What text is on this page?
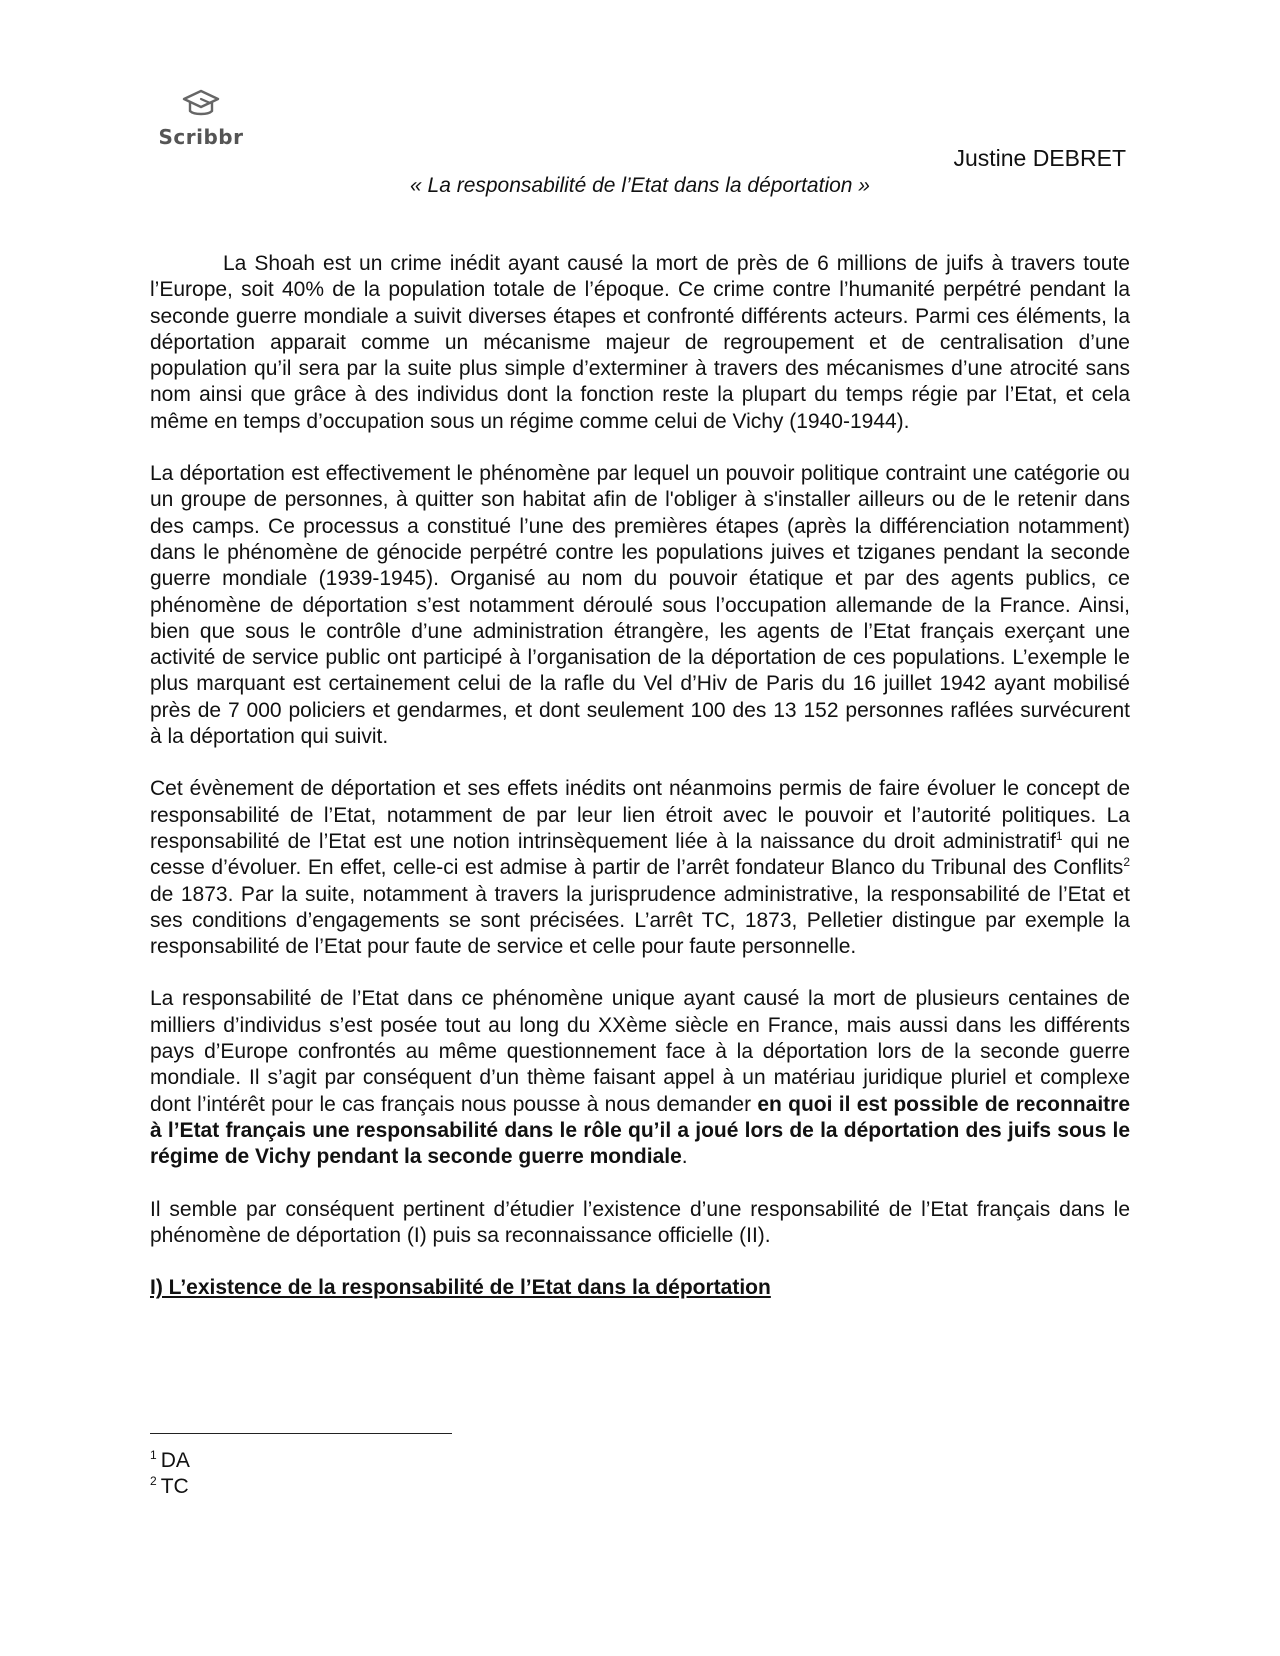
Scribbr
Justine DEBRET
« La responsabilité de l’Etat dans la déportation »

La Shoah est un crime inédit ayant causé la mort de près de 6 millions de juifs à travers toute l’Europe, soit 40% de la population totale de l’époque. Ce crime contre l’humanité perpétré pendant la seconde guerre mondiale a suivit diverses étapes et confronté différents acteurs. Parmi ces éléments, la déportation apparait comme un mécanisme majeur de regroupement et de centralisation d’une population qu’il sera par la suite plus simple d’exterminer à travers des mécanismes d’une atrocité sans nom ainsi que grâce à des individus dont la fonction reste la plupart du temps régie par l’Etat, et cela même en temps d’occupation sous un régime comme celui de Vichy (1940-1944).

La déportation est effectivement le phénomène par lequel un pouvoir politique contraint une catégorie ou un groupe de personnes, à quitter son habitat afin de l'obliger à s'installer ailleurs ou de le retenir dans des camps. Ce processus a constitué l’une des premières étapes (après la différenciation notamment) dans le phénomène de génocide perpétré contre les populations juives et tziganes pendant la seconde guerre mondiale (1939-1945). Organisé au nom du pouvoir étatique et par des agents publics, ce phénomène de déportation s’est notamment déroulé sous l’occupation allemande de la France. Ainsi, bien que sous le contrôle d’une administration étrangère, les agents de l’Etat français exerçant une activité de service public ont participé à l’organisation de la déportation de ces populations. L’exemple le plus marquant est certainement celui de la rafle du Vel d’Hiv de Paris du 16 juillet 1942 ayant mobilisé près de 7 000 policiers et gendarmes, et dont seulement 100 des 13 152 personnes raflées survécurent à la déportation qui suivit.

Cet évènement de déportation et ses effets inédits ont néanmoins permis de faire évoluer le concept de responsabilité de l’Etat, notamment de par leur lien étroit avec le pouvoir et l’autorité politiques. La responsabilité de l’Etat est une notion intrinsèquement liée à la naissance du droit administratif$^1$ qui ne cesse d’évoluer. En effet, celle-ci est admise à partir de l’arrêt fondateur Blanco du Tribunal des Conflits$^2$ de 1873. Par la suite, notamment à travers la jurisprudence administrative, la responsabilité de l’Etat et ses conditions d’engagements se sont précisées. L’arrêt TC, 1873, Pelletier distingue par exemple la responsabilité de l’Etat pour faute de service et celle pour faute personnelle.

La responsabilité de l’Etat dans ce phénomène unique ayant causé la mort de plusieurs centaines de milliers d’individus s’est posée tout au long du XXème siècle en France, mais aussi dans les différents pays d’Europe confrontés au même questionnement face à la déportation lors de la seconde guerre mondiale. Il s’agit par conséquent d’un thème faisant appel à un matériau juridique pluriel et complexe dont l’intérêt pour le cas français nous pousse à nous demander en quoi il est possible de reconnaitre à l’Etat français une responsabilité dans le rôle qu’il a joué lors de la déportation des juifs sous le régime de Vichy pendant la seconde guerre mondiale.

Il semble par conséquent pertinent d’étudier l’existence d’une responsabilité de l’Etat français dans le phénomène de déportation (I) puis sa reconnaissance officielle (II).

I) L’existence de la responsabilité de l’Etat dans la déportation

$^1$ DA
$^2$ TC
